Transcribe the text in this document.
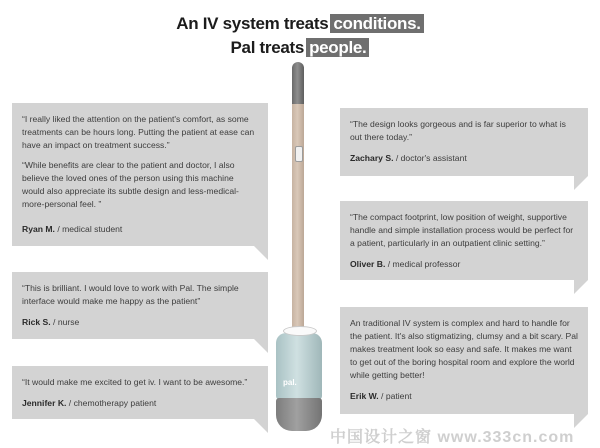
An IV system treats conditions.
Pal treats people.

“I really liked the attention on the patient's comfort, as some treatments can be hours long. Putting the patient at ease can have an impact on treatment success.”

“While benefits are clear to the patient and doctor, I also believe the loved ones of the person using this machine would also appreciate its subtle design and less-medical-more-personal feel. ”

Ryan M. / medical student

“This is brilliant. I would love to work with Pal. The simple interface would make me happy as the patient”

Rick S. / nurse

“It would make me excited to get iv. I want to be awesome.”

Jennifer K. / chemotherapy patient

“The design looks gorgeous and is far superior to what is out there today.”

Zachary S. / doctor's assistant

“The compact footprint, low position of weight, supportive handle and simple installation process would be perfect for a patient, particularly in an outpatient clinic setting.”

Oliver B. / medical professor

An traditional IV system is complex and hard to handle for the patient. It's also stigmatizing, clumsy and a bit scary. Pal makes treatment look so easy and safe. It makes me want to get out of the boring hospital room and explore the world while getting better!

Erik W. / patient
pal.
中国设计之窗 www.333cn.com
